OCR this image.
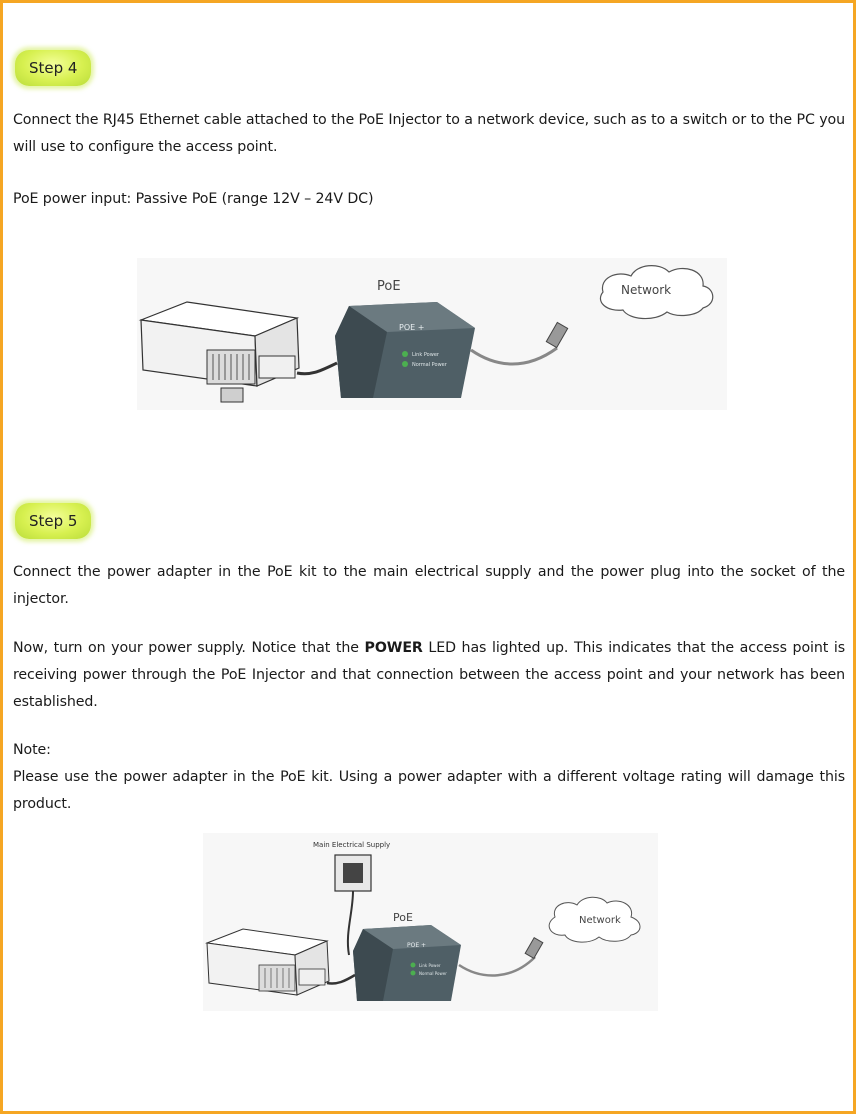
Step 4

Connect the RJ45 Ethernet cable attached to the PoE Injector to a network device, such as to a switch or to the PC you will use to configure the access point.

PoE power input: Passive PoE (range 12V – 24V DC)

Link Power
Normal Power
POE +
PoE	Network
Step 5

Connect the power adapter in the PoE kit to the main electrical supply and the power plug into the socket of the injector.

Now, turn on your power supply. Notice that the POWER LED has lighted up. This indicates that the access point is receiving power through the PoE Injector and that connection between the access point and your network has been established.

Note:

Please use the power adapter in the PoE kit. Using a power adapter with a different voltage rating will damage this product.

Main Electrical Supply
Link Power
Normal Power
POE +
PoE	Network
